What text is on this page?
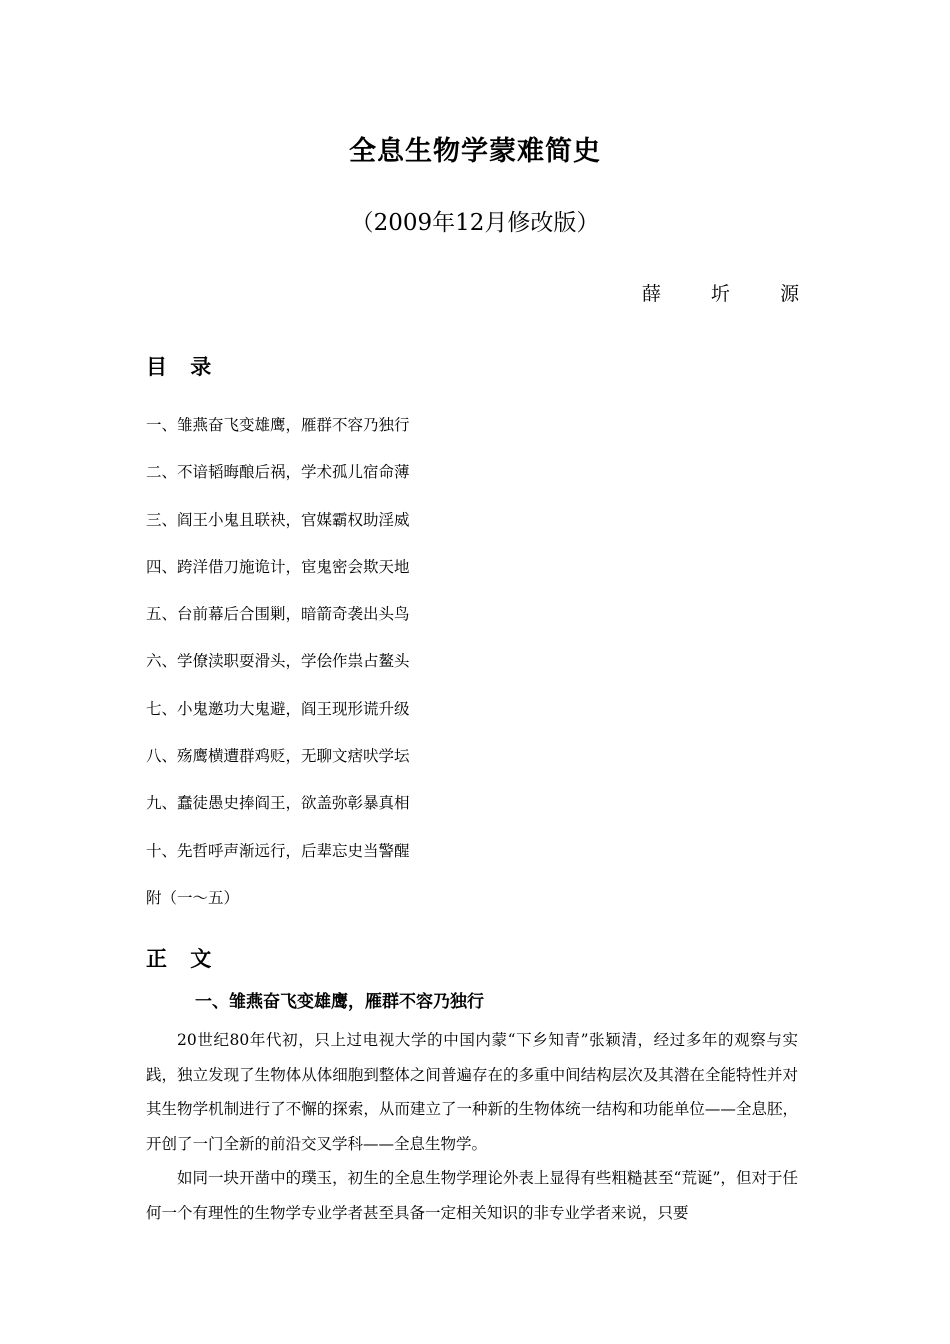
全息生物学蒙难简史

（2009年12月修改版）

薛 圻 源

目 录
一、雏燕奋飞变雄鹰，雁群不容乃独行
二、不谙韬晦酿后祸，学术孤儿宿命薄
三、阎王小鬼且联袂，官媒霸权助淫威
四、跨洋借刀施诡计，宦鬼密会欺天地
五、台前幕后合围剿，暗箭奇袭出头鸟
六、学僚渎职耍滑头，学侩作祟占鳌头
七、小鬼邀功大鬼避，阎王现形谎升级
八、殇鹰横遭群鸡贬，无聊文痞吠学坛
九、蠢徒愚史捧阎王，欲盖弥彰暴真相
十、先哲呼声渐远行，后辈忘史当警醒
附（一～五）
正 文
一、雏燕奋飞变雄鹰，雁群不容乃独行

20世纪80年代初，只上过电视大学的中国内蒙“下乡知青”张颖清，经过多年的观察与实践，独立发现了生物体从体细胞到整体之间普遍存在的多重中间结构层次及其潜在全能特性并对其生物学机制进行了不懈的探索，从而建立了一种新的生物体统一结构和功能单位——全息胚，开创了一门全新的前沿交叉学科——全息生物学。

如同一块开凿中的璞玉，初生的全息生物学理论外表上显得有些粗糙甚至“荒诞”，但对于任何一个有理性的生物学专业学者甚至具备一定相关知识的非专业学者来说，只要
